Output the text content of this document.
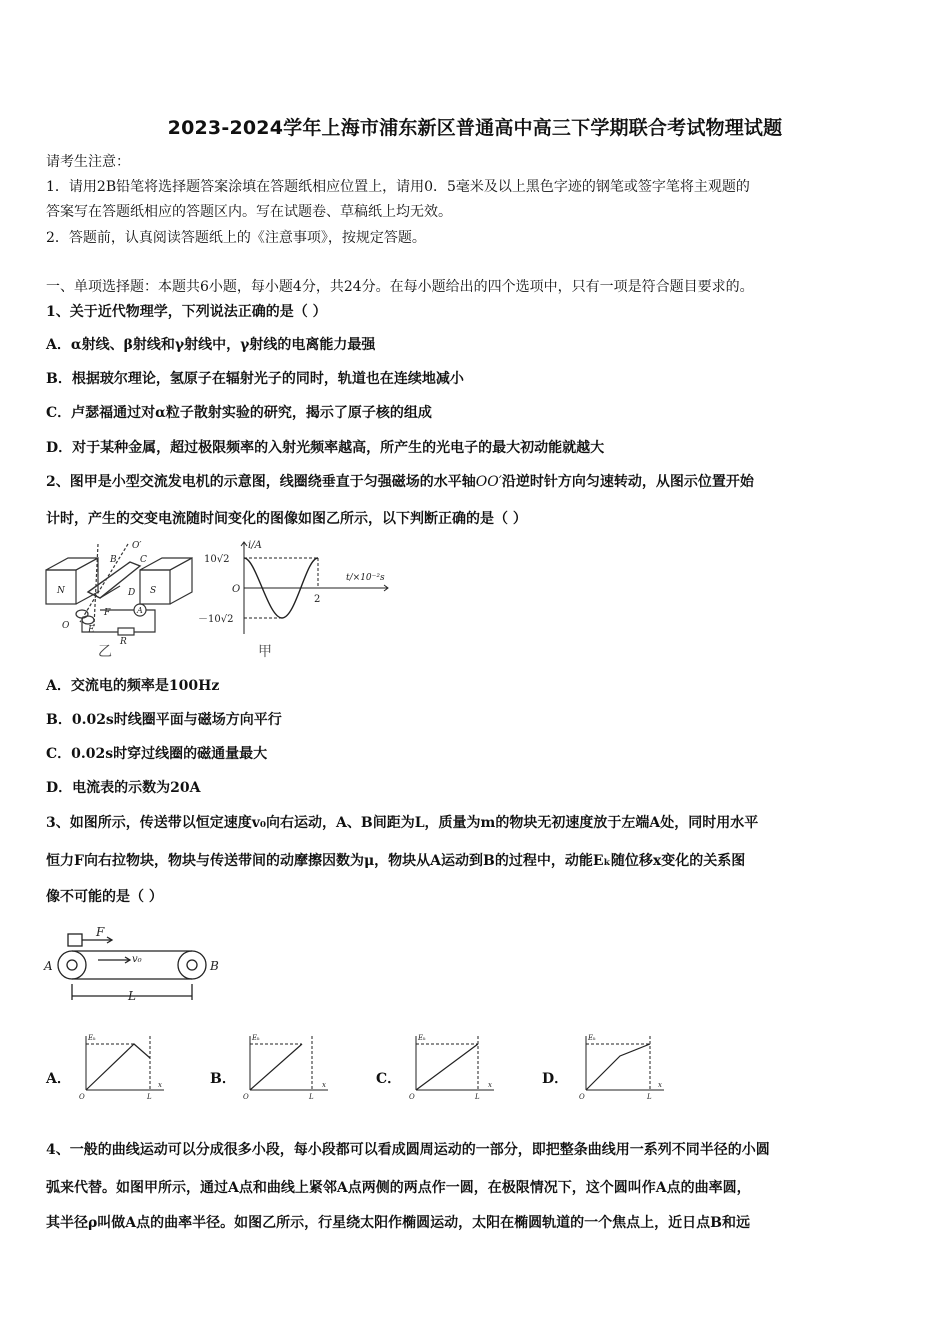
2023-2024学年上海市浦东新区普通高中高三下学期联合考试物理试题
请考生注意：
1．请用2B铅笔将选择题答案涂填在答题纸相应位置上，请用0．5毫米及以上黑色字迹的钢笔或签字笔将主观题的
答案写在答题纸相应的答题区内。写在试题卷、草稿纸上均无效。
2．答题前，认真阅读答题纸上的《注意事项》，按规定答题。
一、单项选择题：本题共6小题，每小题4分，共24分。在每小题给出的四个选项中，只有一项是符合题目要求的。
1、关于近代物理学，下列说法正确的是（ ）
A．α射线、β射线和γ射线中，γ射线的电离能力最强
B．根据玻尔理论，氢原子在辐射光子的同时，轨道也在连续地减小
C．卢瑟福通过对α粒子散射实验的研究，揭示了原子核的组成
D．对于某种金属，超过极限频率的入射光频率越高，所产生的光电子的最大初动能就越大
2、图甲是小型交流发电机的示意图，线圈绕垂直于匀强磁场的水平轴OO′沿逆时针方向匀速转动，从图示位置开始
计时，产生的交变电流随时间变化的图像如图乙所示，以下判断正确的是（ ）
N	S
A
B	C
D
E
F
R
O
O′
乙
i/A
t/×10⁻²s
10√2
－10√2
O
2
甲
A．交流电的频率是100Hz
B．0.02s时线圈平面与磁场方向平行
C．0.02s时穿过线圈的磁通量最大
D．电流表的示数为20A
3、如图所示，传送带以恒定速度v₀向右运动，A、B间距为L，质量为m的物块无初速度放于左端A处，同时用水平
恒力F向右拉物块，物块与传送带间的动摩擦因数为μ，物块从A运动到B的过程中，动能Eₖ随位移x变化的关系图
像不可能的是（ ）
F
v₀
A	B
L
A．
Eₖ
x
O	L
B．
Eₖ
x
O	L
C．
Eₖ
x
O	L
D．
Eₖ
x
O	L
4、一般的曲线运动可以分成很多小段，每小段都可以看成圆周运动的一部分，即把整条曲线用一系列不同半径的小圆
弧来代替。如图甲所示，通过A点和曲线上紧邻A点两侧的两点作一圆，在极限情况下，这个圆叫作A点的曲率圆，
其半径ρ叫做A点的曲率半径。如图乙所示，行星绕太阳作椭圆运动，太阳在椭圆轨道的一个焦点上，近日点B和远
